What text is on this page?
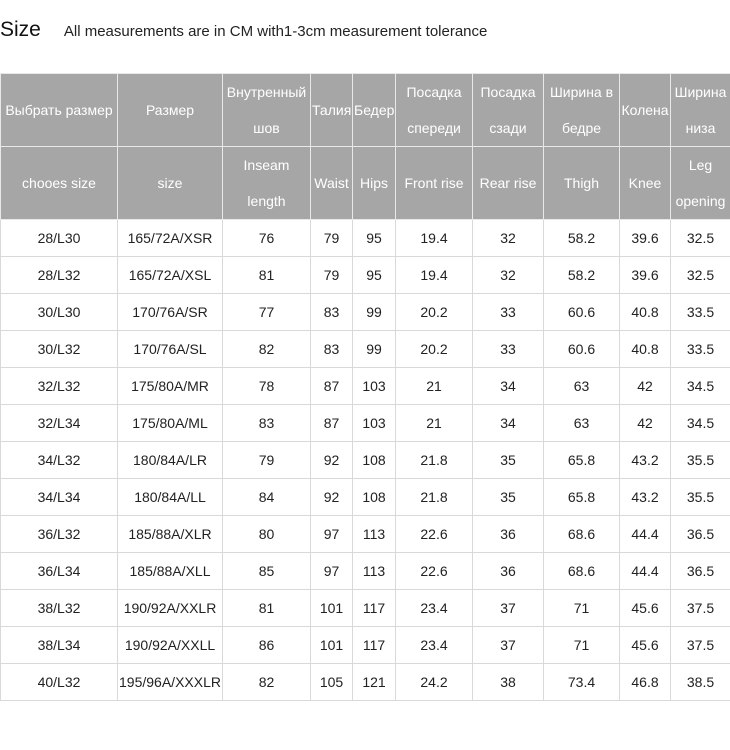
Size All measurements are in CM with1-3cm measurement tolerance
Выбрать размер	Размер	Внутренный шов	Талия	Бедер	Посадка спереди	Посадка сзади	Ширина в бедре	Колена	Ширина низа
chooes size	size	Inseam length	Waist	Hips	Front rise	Rear rise	Thigh	Knee	Leg opening
28/L30	165/72A/XSR	76	79	95	19.4	32	58.2	39.6	32.5
28/L32	165/72A/XSL	81	79	95	19.4	32	58.2	39.6	32.5
30/L30	170/76A/SR	77	83	99	20.2	33	60.6	40.8	33.5
30/L32	170/76A/SL	82	83	99	20.2	33	60.6	40.8	33.5
32/L32	175/80A/MR	78	87	103	21	34	63	42	34.5
32/L34	175/80A/ML	83	87	103	21	34	63	42	34.5
34/L32	180/84A/LR	79	92	108	21.8	35	65.8	43.2	35.5
34/L34	180/84A/LL	84	92	108	21.8	35	65.8	43.2	35.5
36/L32	185/88A/XLR	80	97	113	22.6	36	68.6	44.4	36.5
36/L34	185/88A/XLL	85	97	113	22.6	36	68.6	44.4	36.5
38/L32	190/92A/XXLR	81	101	117	23.4	37	71	45.6	37.5
38/L34	190/92A/XXLL	86	101	117	23.4	37	71	45.6	37.5
40/L32	195/96A/XXXLR	82	105	121	24.2	38	73.4	46.8	38.5
